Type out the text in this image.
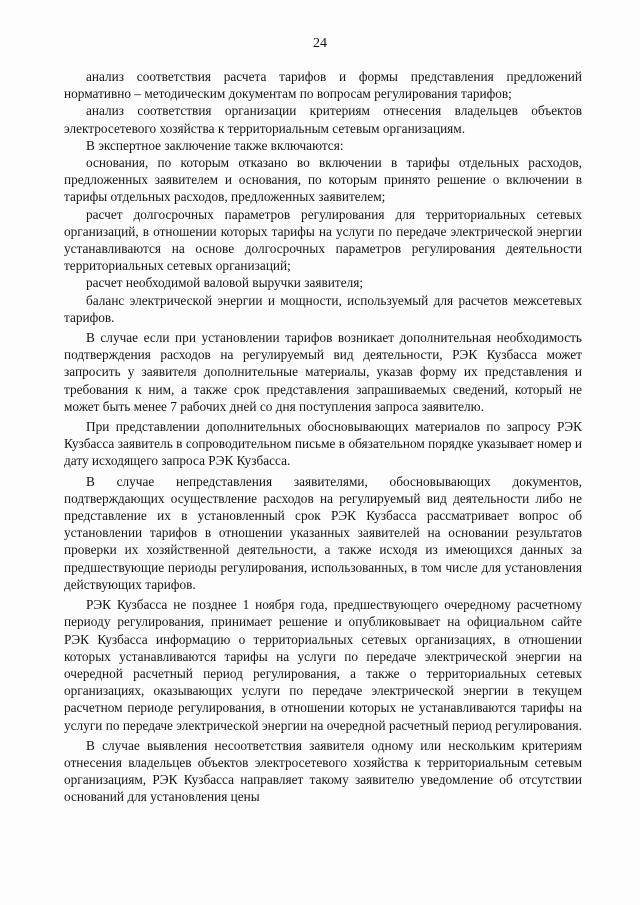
24

анализ соответствия расчета тарифов и формы представления предложений нормативно – методическим документам по вопросам регулирования тарифов;

анализ соответствия организации критериям отнесения владельцев объектов электросетевого хозяйства к территориальным сетевым организациям.

В экспертное заключение также включаются:

основания, по которым отказано во включении в тарифы отдельных расходов, предложенных заявителем и основания, по которым принято решение о включении в тарифы отдельных расходов, предложенных заявителем;

расчет долгосрочных параметров регулирования для территориальных сетевых организаций, в отношении которых тарифы на услуги по передаче электрической энергии устанавливаются на основе долгосрочных параметров регулирования деятельности территориальных сетевых организаций;

расчет необходимой валовой выручки заявителя;

баланс электрической энергии и мощности, используемый для расчетов межсетевых тарифов.

В случае если при установлении тарифов возникает дополнительная необходимость подтверждения расходов на регулируемый вид деятельности, РЭК Кузбасса может запросить у заявителя дополнительные материалы, указав форму их представления и требования к ним, а также срок представления запрашиваемых сведений, который не может быть менее 7 рабочих дней со дня поступления запроса заявителю.

При представлении дополнительных обосновывающих материалов по запросу РЭК Кузбасса заявитель в сопроводительном письме в обязательном порядке указывает номер и дату исходящего запроса РЭК Кузбасса.

В случае непредставления заявителями, обосновывающих документов, подтверждающих осуществление расходов на регулируемый вид деятельности либо не представление их в установленный срок РЭК Кузбасса рассматривает вопрос об установлении тарифов в отношении указанных заявителей на основании результатов проверки их хозяйственной деятельности, а также исходя из имеющихся данных за предшествующие периоды регулирования, использованных, в том числе для установления действующих тарифов.

РЭК Кузбасса не позднее 1 ноября года, предшествующего очередному расчетному периоду регулирования, принимает решение и опубликовывает на официальном сайте РЭК Кузбасса информацию о территориальных сетевых организациях, в отношении которых устанавливаются тарифы на услуги по передаче электрической энергии на очередной расчетный период регулирования, а также о территориальных сетевых организациях, оказывающих услуги по передаче электрической энергии в текущем расчетном периоде регулирования, в отношении которых не устанавливаются тарифы на услуги по передаче электрической энергии на очередной расчетный период регулирования.

В случае выявления несоответствия заявителя одному или нескольким критериям отнесения владельцев объектов электросетевого хозяйства к территориальным сетевым организациям, РЭК Кузбасса направляет такому заявителю уведомление об отсутствии оснований для установления цены
